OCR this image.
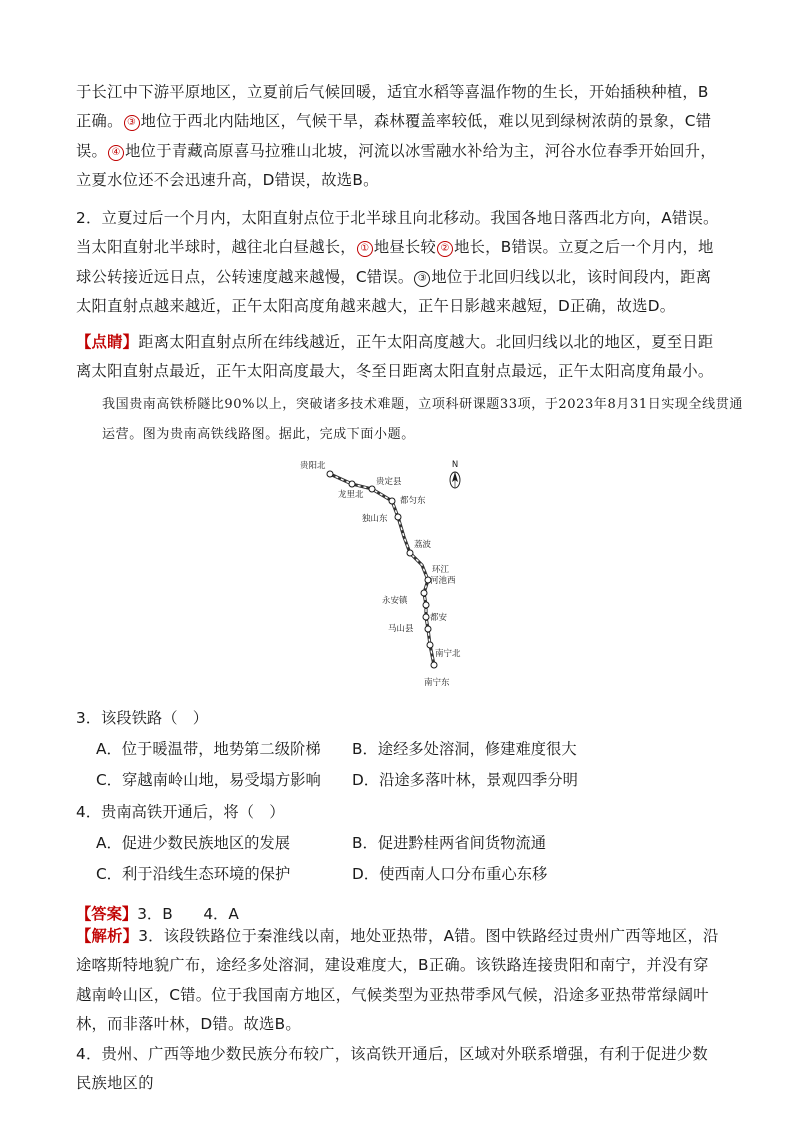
于长江中下游平原地区，立夏前后气候回暖，适宜水稻等喜温作物的生长，开始插秧种植，B正确。 ③ 地位于西北内陆地区，气候干旱，森林覆盖率较低，难以见到绿树浓荫的景象，C错误。 ④ 地位于青藏高原喜马拉雅山北坡，河流以冰雪融水补给为主，河谷水位春季开始回升，立夏水位还不会迅速升高，D错误，故选B。
2．立夏过后一个月内，太阳直射点位于北半球且向北移动。我国各地日落西北方向，A错误。当太阳直射北半球时，越往北白昼越长， ① 地昼长较 ② 地长，B错误。立夏之后一个月内，地球公转接近远日点，公转速度越来越慢，C错误。 ③ 地位于北回归线以北，该时间段内，距离太阳直射点越来越近，正午太阳高度角越来越大，正午日影越来越短，D正确，故选D。
【点睛】距离太阳直射点所在纬线越近，正午太阳高度越大。北回归线以北的地区，夏至日距离太阳直射点最近，正午太阳高度最大，冬至日距离太阳直射点最远，正午太阳高度角最小。
我国贵南高铁桥隧比90%以上，突破诸多技术难题，立项科研课题33项，于2023年8月31日实现全线贯通运营。图为贵南高铁线路图。据此，完成下面小题。
N
贵阳北
龙里北
贵定县
都匀东
独山东
荔波
环江
河池西
永安镇
都安
马山县
南宁北
南宁东
3．该段铁路（　）
A．位于暖温带，地势第二级阶梯 B．途经多处溶洞，修建难度很大
C．穿越南岭山地，易受塌方影响 D．沿途多落叶林，景观四季分明
4．贵南高铁开通后，将（　）
A．促进少数民族地区的发展	B．促进黔桂两省间货物流通
C．利于沿线生态环境的保护	D．使西南人口分布重心东移
【答案】3．B　　4．A
【解析】3．该段铁路位于秦淮线以南，地处亚热带，A错。图中铁路经过贵州广西等地区，沿途喀斯特地貌广布，途经多处溶洞，建设难度大，B正确。该铁路连接贵阳和南宁，并没有穿越南岭山区，C错。位于我国南方地区，气候类型为亚热带季风气候，沿途多亚热带常绿阔叶林，而非落叶林，D错。故选B。
4．贵州、广西等地少数民族分布较广，该高铁开通后，区域对外联系增强，有利于促进少数民族地区的
